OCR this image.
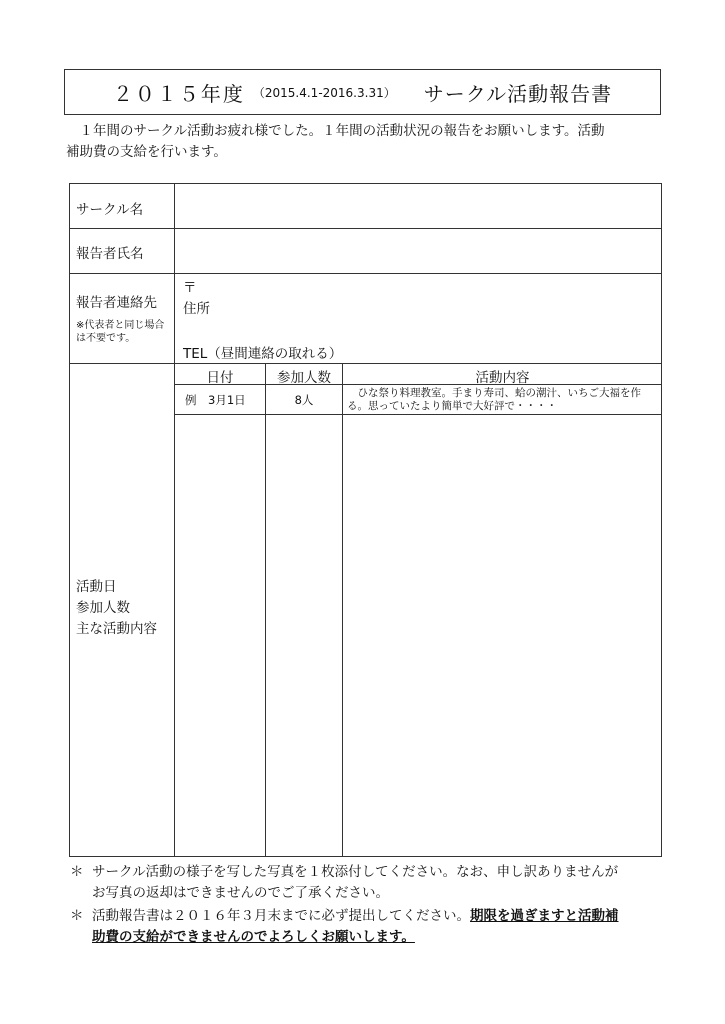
２０１５年度 （2015.4.1-2016.3.31） サークル活動報告書

１年間のサークル活動お疲れ様でした。１年間の活動状況の報告をお願いします。活動

補助費の支給を行います。
サークル名
報告者氏名
報告者連絡先
※代表者と同じ場合は不要です。
〒
住所
TEL（昼間連絡の取れる）
活動日
参加人数
主な活動内容
日付	参加人数	活動内容
例　3月1日	8人	ひな祭り料理教室。手まり寿司、蛤の潮汁、いちご大福を作る。思っていたより簡単で大好評で・・・・
＊ サークル活動の様子を写した写真を１枚添付してください。なお、申し訳ありませんが
お写真の返却はできませんのでご了承ください。
＊ 活動報告書は２０１６年３月末までに必ず提出してください。期限を過ぎますと活動補
助費の支給ができませんのでよろしくお願いします。
